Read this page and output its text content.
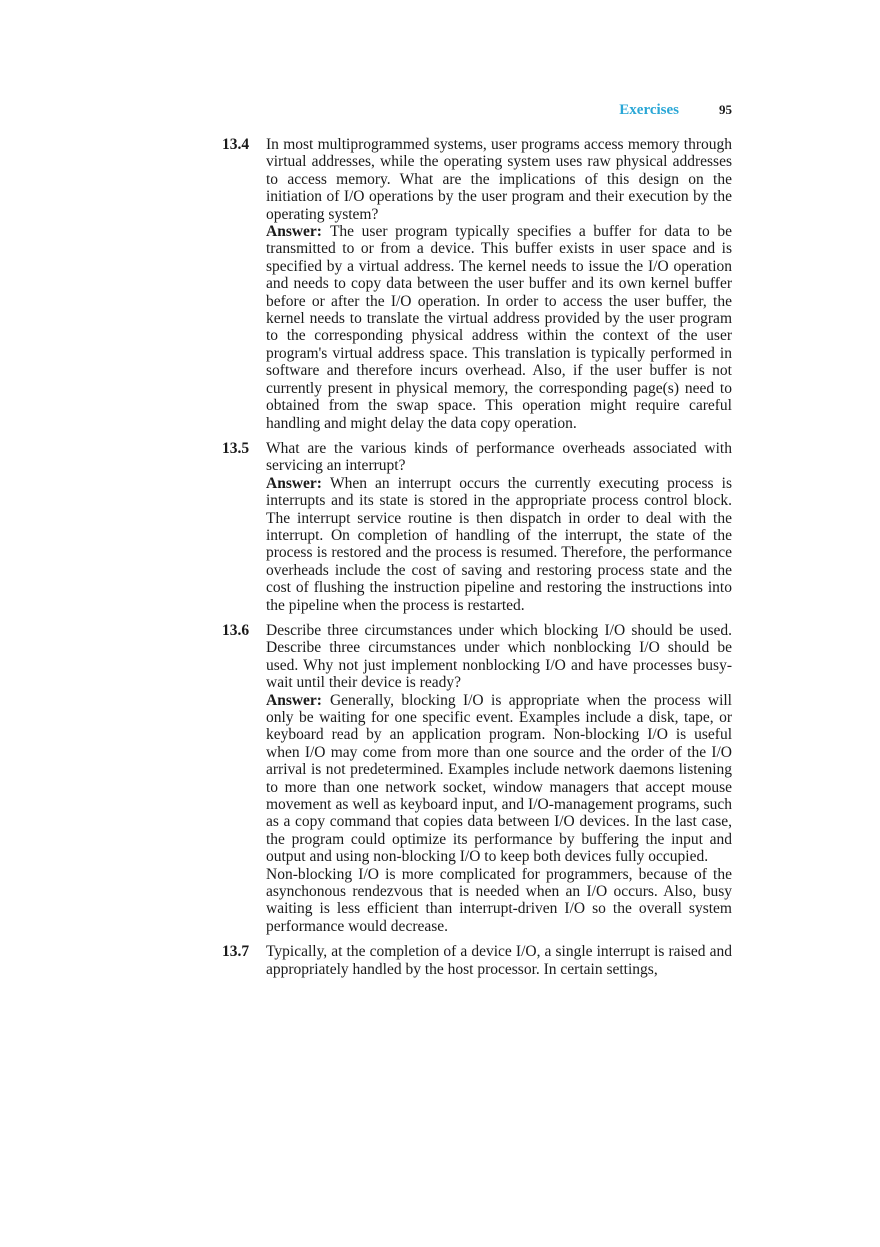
Exercises	95
13.4 In most multiprogrammed systems, user programs access memory through virtual addresses, while the operating system uses raw physical addresses to access memory. What are the implications of this design on the initiation of I/O operations by the user program and their execution by the operating system?

Answer: The user program typically specifies a buffer for data to be transmitted to or from a device. This buffer exists in user space and is specified by a virtual address. The kernel needs to issue the I/O operation and needs to copy data between the user buffer and its own kernel buffer before or after the I/O operation. In order to access the user buffer, the kernel needs to translate the virtual address provided by the user program to the corresponding physical address within the context of the user program's virtual address space. This translation is typically performed in software and therefore incurs overhead. Also, if the user buffer is not currently present in physical memory, the corresponding page(s) need to obtained from the swap space. This operation might require careful handling and might delay the data copy operation.

13.5 What are the various kinds of performance overheads associated with servicing an interrupt?

Answer: When an interrupt occurs the currently executing process is interrupts and its state is stored in the appropriate process control block. The interrupt service routine is then dispatch in order to deal with the interrupt. On completion of handling of the interrupt, the state of the process is restored and the process is resumed. Therefore, the performance overheads include the cost of saving and restoring process state and the cost of flushing the instruction pipeline and restoring the instructions into the pipeline when the process is restarted.

13.6 Describe three circumstances under which blocking I/O should be used. Describe three circumstances under which nonblocking I/O should be used. Why not just implement nonblocking I/O and have processes busy-wait until their device is ready?

Answer: Generally, blocking I/O is appropriate when the process will only be waiting for one specific event. Examples include a disk, tape, or keyboard read by an application program. Non-blocking I/O is useful when I/O may come from more than one source and the order of the I/O arrival is not predetermined. Examples include network daemons listening to more than one network socket, window managers that accept mouse movement as well as keyboard input, and I/O-management programs, such as a copy command that copies data between I/O devices. In the last case, the program could optimize its performance by buffering the input and output and using non-blocking I/O to keep both devices fully occupied.

Non-blocking I/O is more complicated for programmers, because of the asynchonous rendezvous that is needed when an I/O occurs. Also, busy waiting is less efficient than interrupt-driven I/O so the overall system performance would decrease.

13.7 Typically, at the completion of a device I/O, a single interrupt is raised and appropriately handled by the host processor. In certain settings,
